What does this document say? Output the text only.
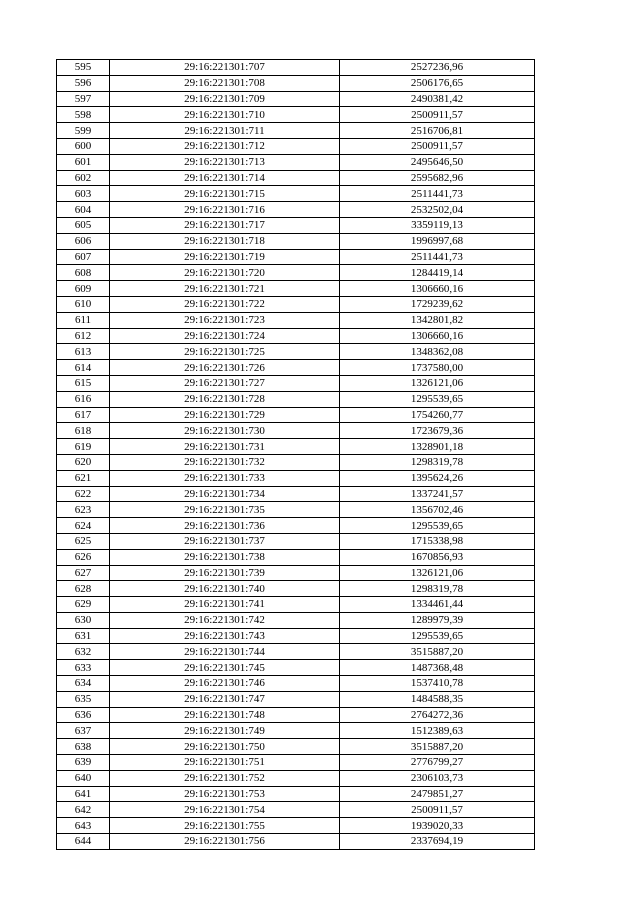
595	29:16:221301:707	2527236,96
596	29:16:221301:708	2506176,65
597	29:16:221301:709	2490381,42
598	29:16:221301:710	2500911,57
599	29:16:221301:711	2516706,81
600	29:16:221301:712	2500911,57
601	29:16:221301:713	2495646,50
602	29:16:221301:714	2595682,96
603	29:16:221301:715	2511441,73
604	29:16:221301:716	2532502,04
605	29:16:221301:717	3359119,13
606	29:16:221301:718	1996997,68
607	29:16:221301:719	2511441,73
608	29:16:221301:720	1284419,14
609	29:16:221301:721	1306660,16
610	29:16:221301:722	1729239,62
611	29:16:221301:723	1342801,82
612	29:16:221301:724	1306660,16
613	29:16:221301:725	1348362,08
614	29:16:221301:726	1737580,00
615	29:16:221301:727	1326121,06
616	29:16:221301:728	1295539,65
617	29:16:221301:729	1754260,77
618	29:16:221301:730	1723679,36
619	29:16:221301:731	1328901,18
620	29:16:221301:732	1298319,78
621	29:16:221301:733	1395624,26
622	29:16:221301:734	1337241,57
623	29:16:221301:735	1356702,46
624	29:16:221301:736	1295539,65
625	29:16:221301:737	1715338,98
626	29:16:221301:738	1670856,93
627	29:16:221301:739	1326121,06
628	29:16:221301:740	1298319,78
629	29:16:221301:741	1334461,44
630	29:16:221301:742	1289979,39
631	29:16:221301:743	1295539,65
632	29:16:221301:744	3515887,20
633	29:16:221301:745	1487368,48
634	29:16:221301:746	1537410,78
635	29:16:221301:747	1484588,35
636	29:16:221301:748	2764272,36
637	29:16:221301:749	1512389,63
638	29:16:221301:750	3515887,20
639	29:16:221301:751	2776799,27
640	29:16:221301:752	2306103,73
641	29:16:221301:753	2479851,27
642	29:16:221301:754	2500911,57
643	29:16:221301:755	1939020,33
644	29:16:221301:756	2337694,19
